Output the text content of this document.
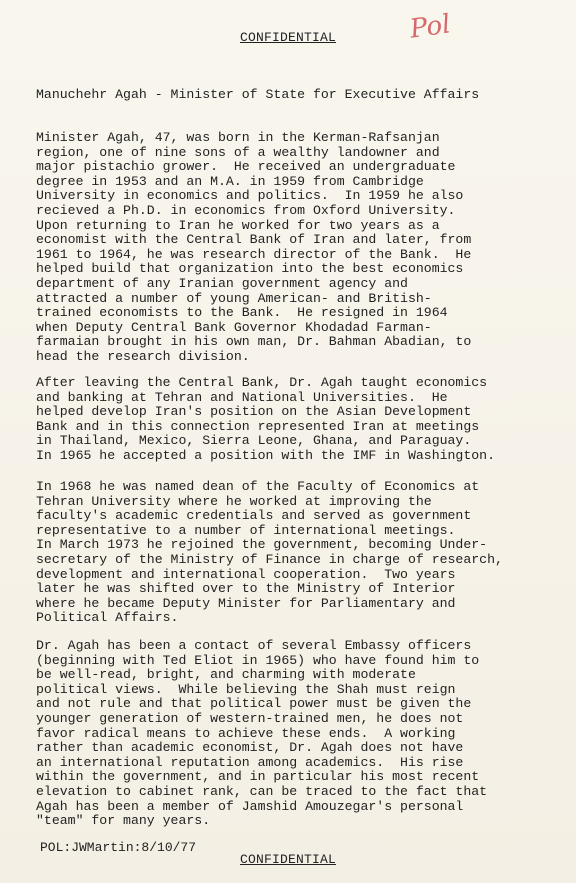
CONFIDENTIAL	Pol
Manuchehr Agah - Minister of State for Executive Affairs
Minister Agah, 47, was born in the Kerman-Rafsanjan
region, one of nine sons of a wealthy landowner and
major pistachio grower.  He received an undergraduate
degree in 1953 and an M.A. in 1959 from Cambridge
University in economics and politics.  In 1959 he also
recieved a Ph.D. in economics from Oxford University.
Upon returning to Iran he worked for two years as a
economist with the Central Bank of Iran and later, from
1961 to 1964, he was research director of the Bank.  He
helped build that organization into the best economics
department of any Iranian government agency and
attracted a number of young American- and British-
trained economists to the Bank.  He resigned in 1964
when Deputy Central Bank Governor Khodadad Farman-
farmaian brought in his own man, Dr. Bahman Abadian, to
head the research division.
After leaving the Central Bank, Dr. Agah taught economics
and banking at Tehran and National Universities.  He
helped develop Iran's position on the Asian Development
Bank and in this connection represented Iran at meetings
in Thailand, Mexico, Sierra Leone, Ghana, and Paraguay.
In 1965 he accepted a position with the IMF in Washington.
In 1968 he was named dean of the Faculty of Economics at
Tehran University where he worked at improving the
faculty's academic credentials and served as government
representative to a number of international meetings.
In March 1973 he rejoined the government, becoming Under-
secretary of the Ministry of Finance in charge of research,
development and international cooperation.  Two years
later he was shifted over to the Ministry of Interior
where he became Deputy Minister for Parliamentary and
Political Affairs.
Dr. Agah has been a contact of several Embassy officers
(beginning with Ted Eliot in 1965) who have found him to
be well-read, bright, and charming with moderate
political views.  While believing the Shah must reign
and not rule and that political power must be given the
younger generation of western-trained men, he does not
favor radical means to achieve these ends.  A working
rather than academic economist, Dr. Agah does not have
an international reputation among academics.  His rise
within the government, and in particular his most recent
elevation to cabinet rank, can be traced to the fact that
Agah has been a member of Jamshid Amouzegar's personal
"team" for many years.
POL:JWMartin:8/10/77
CONFIDENTIAL
